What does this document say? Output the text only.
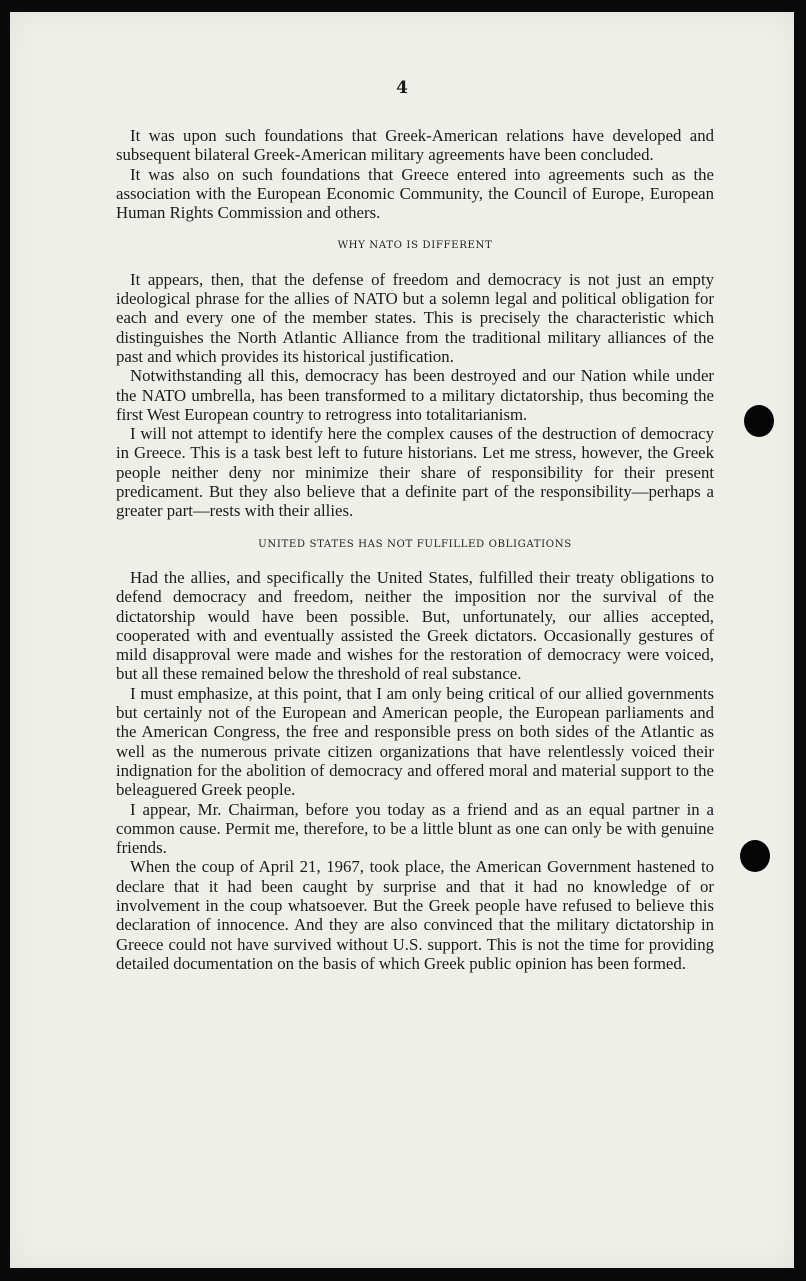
4

It was upon such foundations that Greek-American relations have developed and subsequent bilateral Greek-American military agreements have been concluded.

It was also on such foundations that Greece entered into agreements such as the association with the European Economic Community, the Council of Europe, European Human Rights Commission and others.

WHY NATO IS DIFFERENT

It appears, then, that the defense of freedom and democracy is not just an empty ideological phrase for the allies of NATO but a solemn legal and political obligation for each and every one of the member states. This is precisely the characteristic which distinguishes the North Atlantic Alliance from the traditional military alliances of the past and which provides its historical justification.

Notwithstanding all this, democracy has been destroyed and our Nation while under the NATO umbrella, has been transformed to a military dictatorship, thus becoming the first West European country to retrogress into totalitarianism.

I will not attempt to identify here the complex causes of the destruction of democracy in Greece. This is a task best left to future historians. Let me stress, however, the Greek people neither deny nor minimize their share of responsibility for their present predicament. But they also believe that a definite part of the responsibility—perhaps a greater part—rests with their allies.

UNITED STATES HAS NOT FULFILLED OBLIGATIONS

Had the allies, and specifically the United States, fulfilled their treaty obligations to defend democracy and freedom, neither the imposition nor the survival of the dictatorship would have been possible. But, unfortunately, our allies accepted, cooperated with and eventually assisted the Greek dictators. Occasionally gestures of mild disapproval were made and wishes for the restoration of democracy were voiced, but all these remained below the threshold of real substance.

I must emphasize, at this point, that I am only being critical of our allied governments but certainly not of the European and American people, the European parliaments and the American Congress, the free and responsible press on both sides of the Atlantic as well as the numerous private citizen organizations that have relentlessly voiced their indignation for the abolition of democracy and offered moral and material support to the beleaguered Greek people.

I appear, Mr. Chairman, before you today as a friend and as an equal partner in a common cause. Permit me, therefore, to be a little blunt as one can only be with genuine friends.

When the coup of April 21, 1967, took place, the American Government hastened to declare that it had been caught by surprise and that it had no knowledge of or involvement in the coup whatsoever. But the Greek people have refused to believe this declaration of innocence. And they are also convinced that the military dictatorship in Greece could not have survived without U.S. support. This is not the time for providing detailed documentation on the basis of which Greek public opinion has been formed.
